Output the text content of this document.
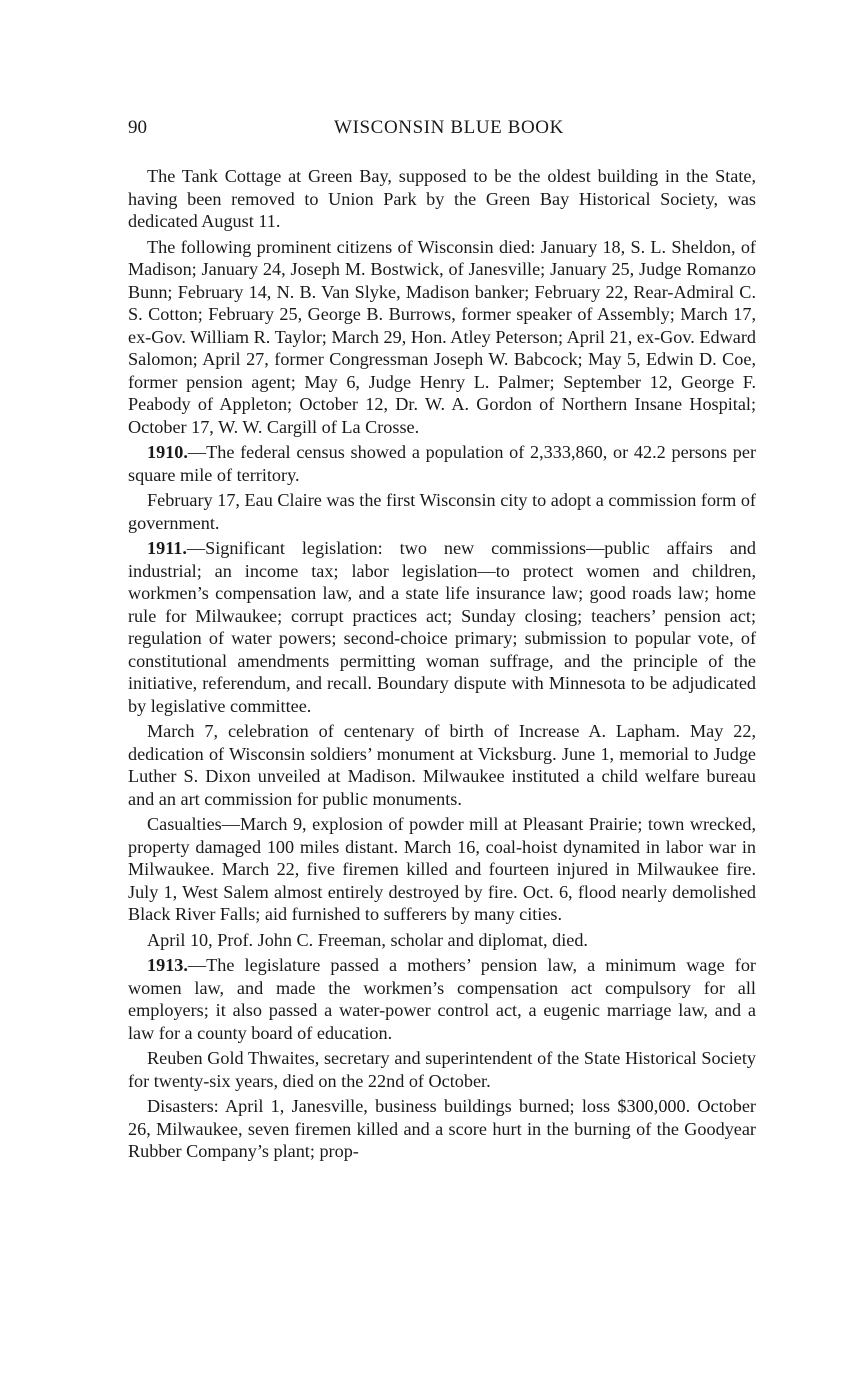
90	WISCONSIN BLUE BOOK

The Tank Cottage at Green Bay, supposed to be the oldest building in the State, having been removed to Union Park by the Green Bay Historical Society, was dedicated August 11.

The following prominent citizens of Wisconsin died: January 18, S. L. Sheldon, of Madison; January 24, Joseph M. Bostwick, of Janesville; January 25, Judge Romanzo Bunn; February 14, N. B. Van Slyke, Madison banker; February 22, Rear-Admiral C. S. Cotton; February 25, George B. Burrows, former speaker of Assembly; March 17, ex-Gov. William R. Taylor; March 29, Hon. Atley Peterson; April 21, ex-Gov. Edward Salomon; April 27, former Congressman Joseph W. Babcock; May 5, Edwin D. Coe, former pension agent; May 6, Judge Henry L. Palmer; September 12, George F. Peabody of Appleton; October 12, Dr. W. A. Gordon of Northern Insane Hospital; October 17, W. W. Cargill of La Crosse.

1910.—The federal census showed a population of 2,333,860, or 42.2 persons per square mile of territory.

February 17, Eau Claire was the first Wisconsin city to adopt a commission form of government.

1911.—Significant legislation: two new commissions—public affairs and industrial; an income tax; labor legislation—to protect women and children, workmen’s compensation law, and a state life insurance law; good roads law; home rule for Milwaukee; corrupt practices act; Sunday closing; teachers’ pension act; regulation of water powers; second-choice primary; submission to popular vote, of constitutional amendments permitting woman suffrage, and the principle of the initiative, referendum, and recall. Boundary dispute with Minnesota to be adjudicated by legislative committee.

March 7, celebration of centenary of birth of Increase A. Lapham. May 22, dedication of Wisconsin soldiers’ monument at Vicksburg. June 1, memorial to Judge Luther S. Dixon unveiled at Madison. Milwaukee instituted a child welfare bureau and an art commission for public monuments.

Casualties—March 9, explosion of powder mill at Pleasant Prairie; town wrecked, property damaged 100 miles distant. March 16, coal-hoist dynamited in labor war in Milwaukee. March 22, five firemen killed and fourteen injured in Milwaukee fire. July 1, West Salem almost entirely destroyed by fire. Oct. 6, flood nearly demolished Black River Falls; aid furnished to sufferers by many cities.

April 10, Prof. John C. Freeman, scholar and diplomat, died.

1913.—The legislature passed a mothers’ pension law, a minimum wage for women law, and made the workmen’s compensation act compulsory for all employers; it also passed a water-power control act, a eugenic marriage law, and a law for a county board of education.

Reuben Gold Thwaites, secretary and superintendent of the State Historical Society for twenty-six years, died on the 22nd of October.

Disasters: April 1, Janesville, business buildings burned; loss $300,000. October 26, Milwaukee, seven firemen killed and a score hurt in the burning of the Goodyear Rubber Company’s plant; prop-
